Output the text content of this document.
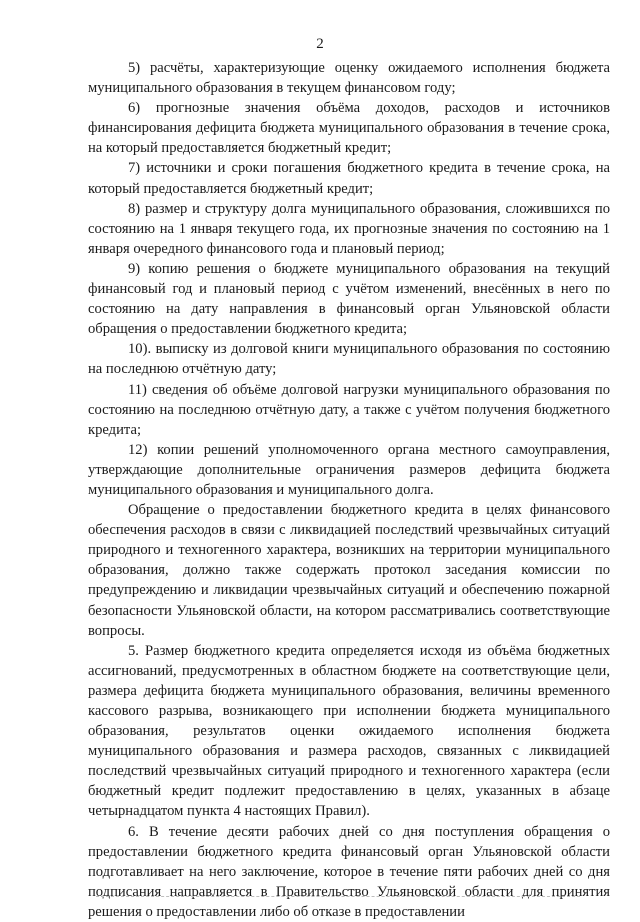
2

5) расчёты, характеризующие оценку ожидаемого исполнения бюджета муниципального образования в текущем финансовом году;

6) прогнозные значения объёма доходов, расходов и источников финансирования дефицита бюджета муниципального образования в течение срока, на который предоставляется бюджетный кредит;

7) источники и сроки погашения бюджетного кредита в течение срока, на который предоставляется бюджетный кредит;

8) размер и структуру долга муниципального образования, сложившихся по состоянию на 1 января текущего года, их прогнозные значения по состоянию на 1 января очередного финансового года и плановый период;

9) копию решения о бюджете муниципального образования на текущий финансовый год и плановый период с учётом изменений, внесённых в него по состоянию на дату направления в финансовый орган Ульяновской области обращения о предоставлении бюджетного кредита;

10). выписку из долговой книги муниципального образования по состоянию на последнюю отчётную дату;

11) сведения об объёме долговой нагрузки муниципального образования по состоянию на последнюю отчётную дату, а также с учётом получения бюджетного кредита;

12) копии решений уполномоченного органа местного самоуправления, утверждающие дополнительные ограничения размеров дефицита бюджета муниципального образования и муниципального долга.

Обращение о предоставлении бюджетного кредита в целях финансового обеспечения расходов в связи с ликвидацией последствий чрезвычайных ситуаций природного и техногенного характера, возникших на территории муниципального образования, должно также содержать протокол заседания комиссии по предупреждению и ликвидации чрезвычайных ситуаций и обеспечению пожарной безопасности Ульяновской области, на котором рассматривались соответствующие вопросы.

5. Размер бюджетного кредита определяется исходя из объёма бюджетных ассигнований, предусмотренных в областном бюджете на соответствующие цели, размера дефицита бюджета муниципального образования, величины временного кассового разрыва, возникающего при исполнении бюджета муниципального образования, результатов оценки ожидаемого исполнения бюджета муниципального образования и размера расходов, связанных с ликвидацией последствий чрезвычайных ситуаций природного и техногенного характера (если бюджетный кредит подлежит предоставлению в целях, указанных в абзаце четырнадцатом пункта 4 настоящих Правил).

6. В течение десяти рабочих дней со дня поступления обращения о предоставлении бюджетного кредита финансовый орган Ульяновской области подготавливает на него заключение, которое в течение пяти рабочих дней со дня подписания направляется в Правительство Ульяновской области для принятия решения о предоставлении либо об отказе в предоставлении
